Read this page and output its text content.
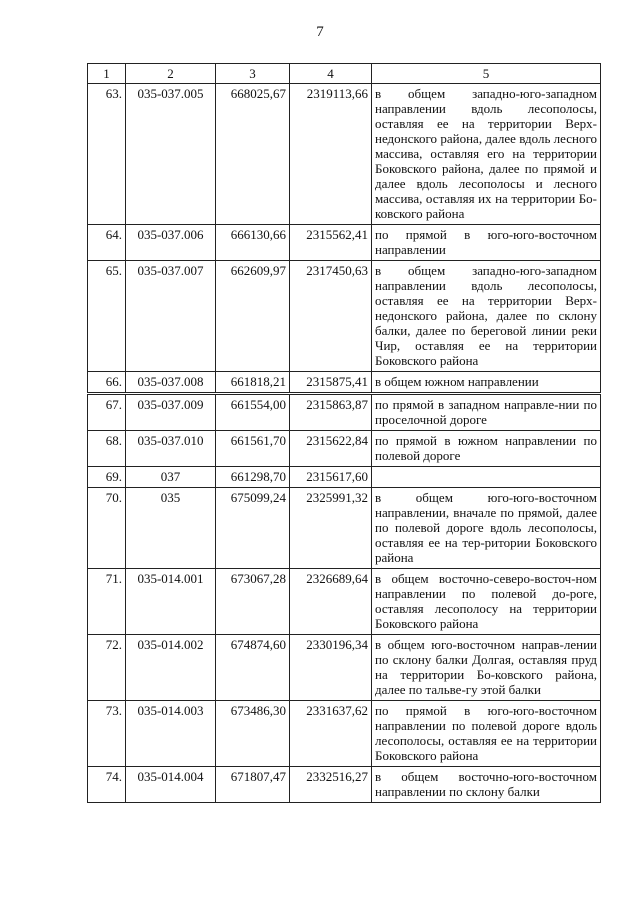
7
1	2	3	4	5
63.	035-037.005	668025,67	2319113,66	в общем западно-юго-западном направлении вдоль лесополосы, оставляя ее на территории Верх-недонского района, далее вдоль лесного массива, оставляя его на территории Боковского района, далее по прямой и далее вдоль лесополосы и лесного массива, оставляя их на территории Бо-ковского района
64.	035-037.006	666130,66	2315562,41	по прямой в юго-юго-восточном направлении
65.	035-037.007	662609,97	2317450,63	в общем западно-юго-западном направлении вдоль лесополосы, оставляя ее на территории Верх-недонского района, далее по склону балки, далее по береговой линии реки Чир, оставляя ее на территории Боковского района
66.	035-037.008	661818,21	2315875,41	в общем южном направлении
67.	035-037.009	661554,00	2315863,87	по прямой в западном направле-нии по проселочной дороге
68.	035-037.010	661561,70	2315622,84	по прямой в южном направлении по полевой дороге
69.	037	661298,70	2315617,60	
70.	035	675099,24	2325991,32	в общем юго-юго-восточном направлении, вначале по прямой, далее по полевой дороге вдоль лесополосы, оставляя ее на тер-ритории Боковского района
71.	035-014.001	673067,28	2326689,64	в общем восточно-северо-восточ-ном направлении по полевой до-роге, оставляя лесополосу на территории Боковского района
72.	035-014.002	674874,60	2330196,34	в общем юго-восточном направ-лении по склону балки Долгая, оставляя пруд на территории Бо-ковского района, далее по тальве-гу этой балки
73.	035-014.003	673486,30	2331637,62	по прямой в юго-юго-восточном направлении по полевой дороге вдоль лесополосы, оставляя ее на территории Боковского района
74.	035-014.004	671807,47	2332516,27	в общем восточно-юго-восточном направлении по склону балки
